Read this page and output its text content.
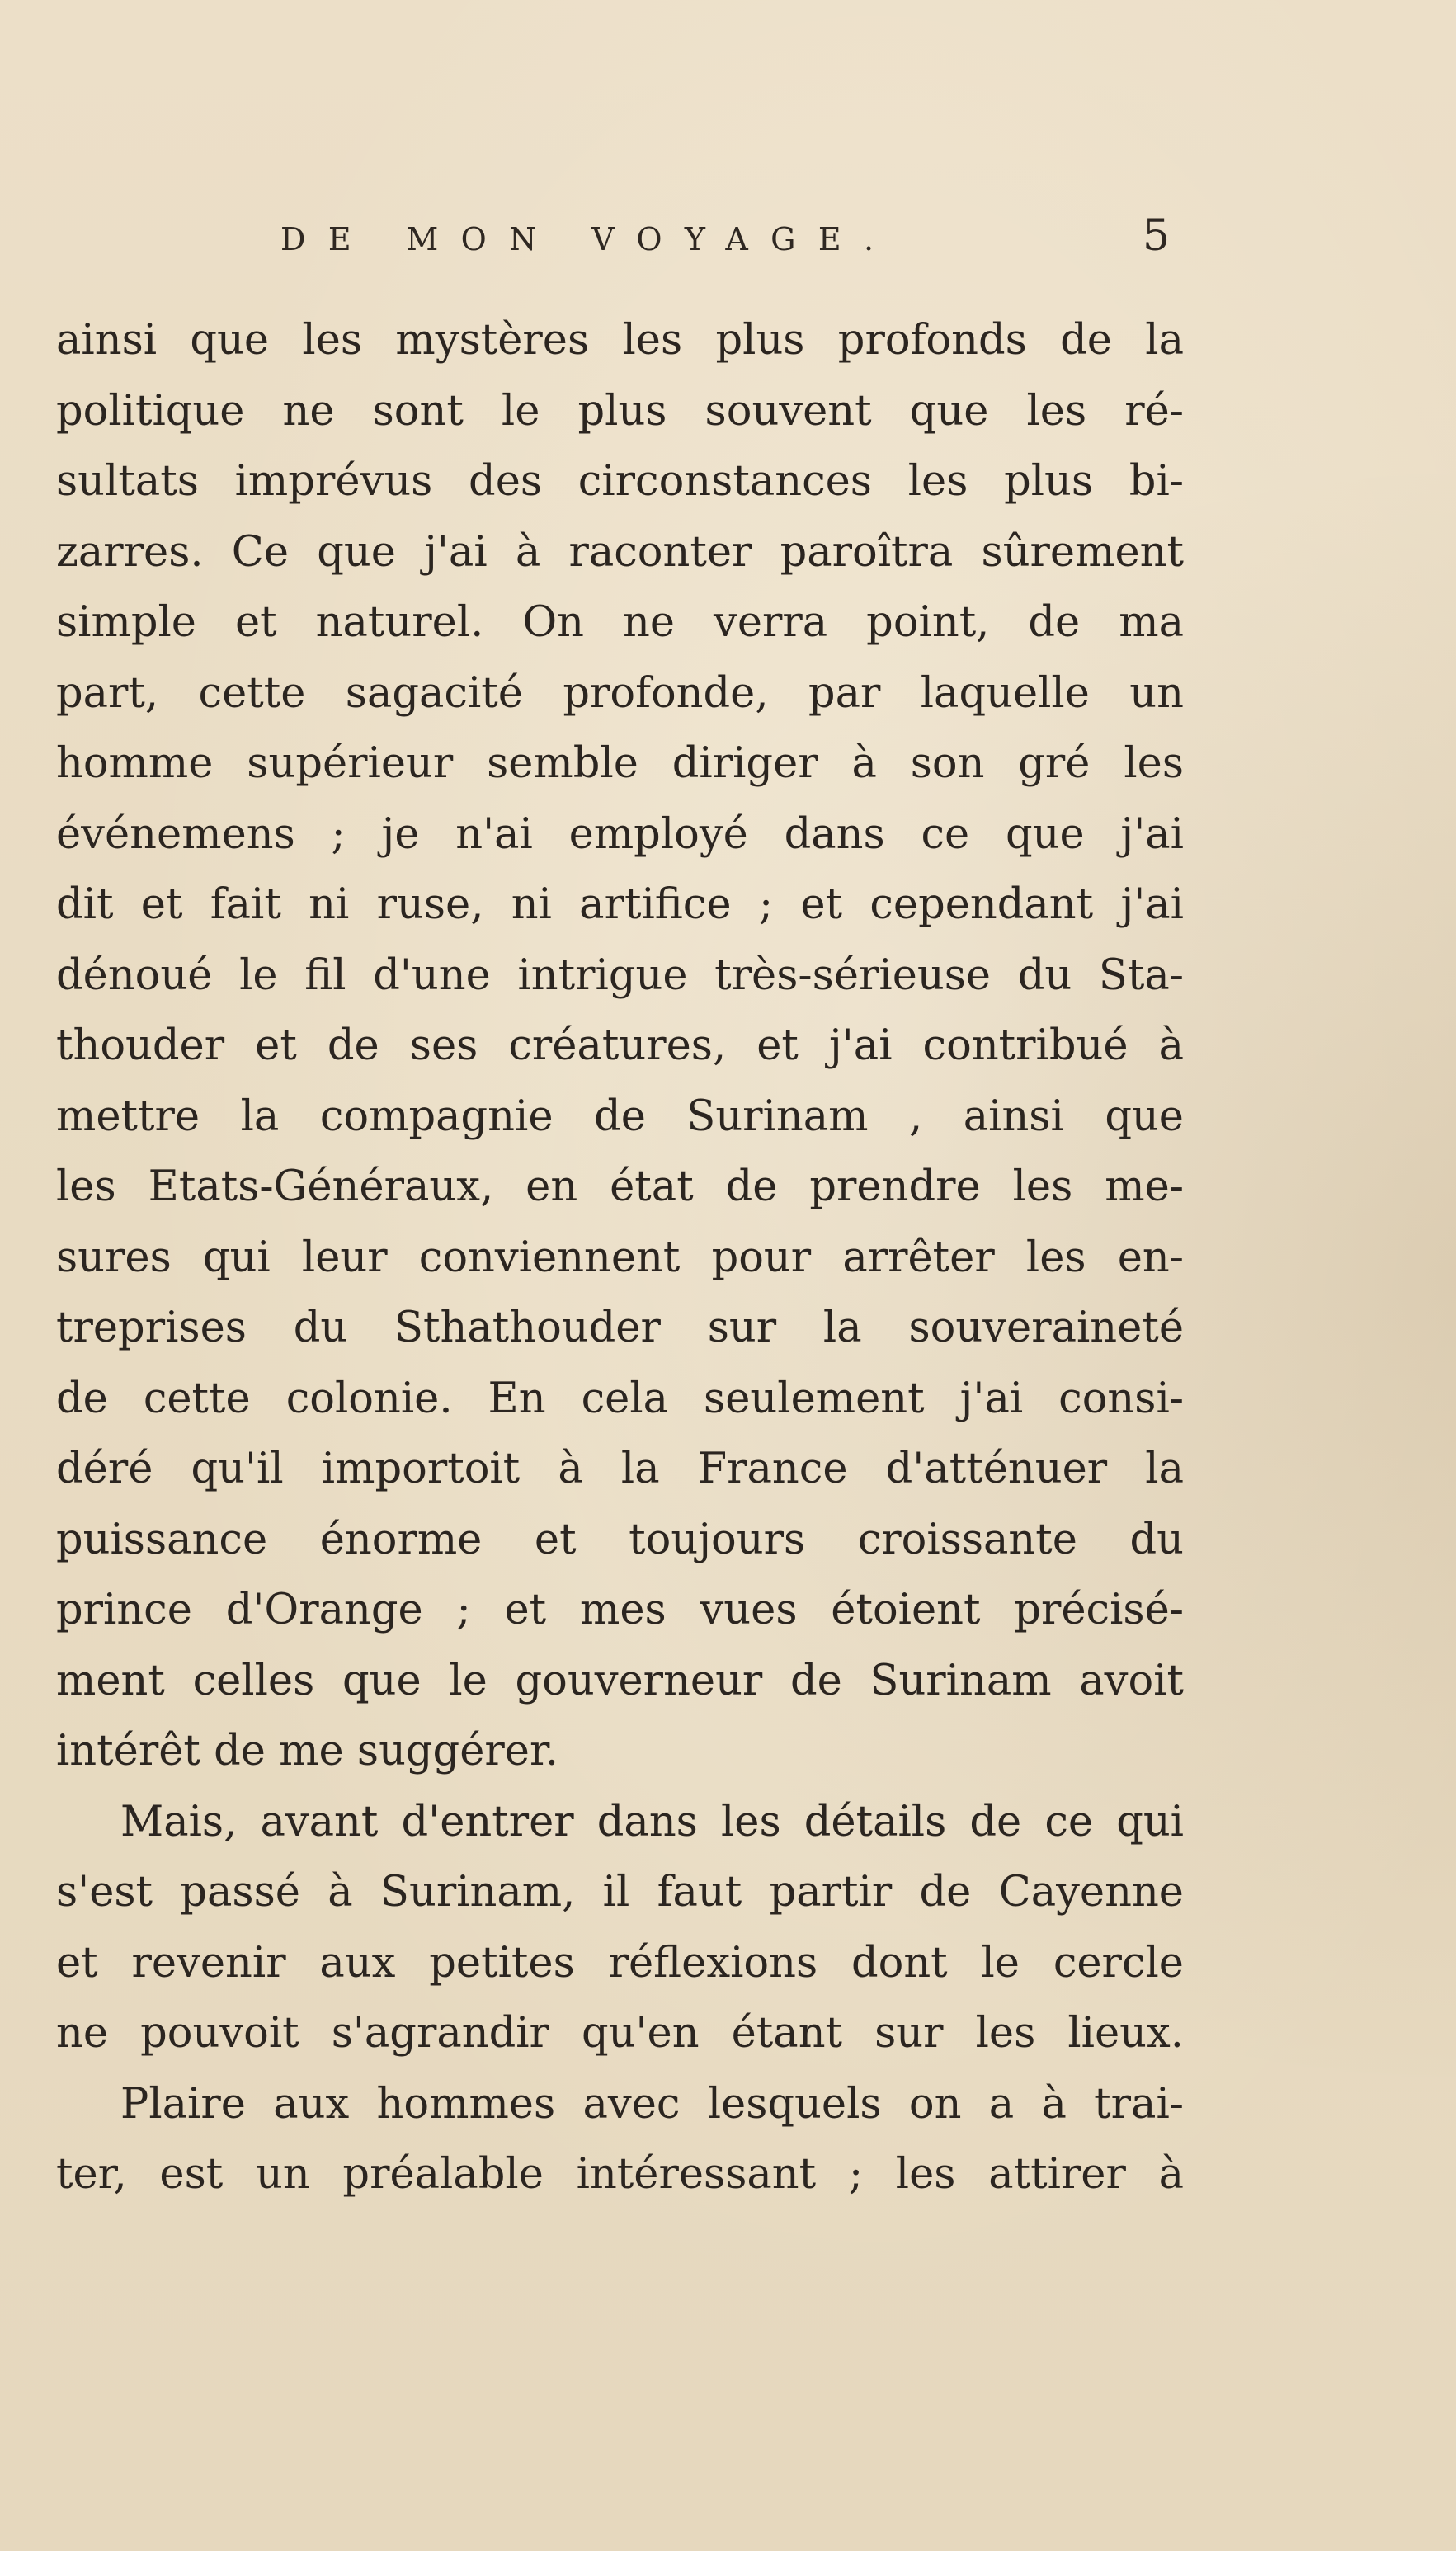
DE MON VOYAGE.	5
ainsi que les mystères les plus profonds de la
politique ne sont le plus souvent que les ré-
sultats imprévus des circonstances les plus bi-
zarres. Ce que j'ai à raconter paroîtra sûrement
simple et naturel. On ne verra point, de ma
part, cette sagacité profonde, par laquelle un
homme supérieur semble diriger à son gré les
événemens ; je n'ai employé dans ce que j'ai
dit et fait ni ruse, ni artifice ; et cependant j'ai
dénoué le fil d'une intrigue très-sérieuse du Sta-
thouder et de ses créatures, et j'ai contribué à
mettre la compagnie de Surinam , ainsi que
les Etats-Généraux, en état de prendre les me-
sures qui leur conviennent pour arrêter les en-
treprises du Sthathouder sur la souveraineté
de cette colonie. En cela seulement j'ai consi-
déré qu'il importoit à la France d'atténuer la
puissance énorme et toujours croissante du
prince d'Orange ; et mes vues étoient précisé-
ment celles que le gouverneur de Surinam avoit
intérêt de me suggérer.
Mais, avant d'entrer dans les détails de ce qui
s'est passé à Surinam, il faut partir de Cayenne
et revenir aux petites réflexions dont le cercle
ne pouvoit s'agrandir qu'en étant sur les lieux.
Plaire aux hommes avec lesquels on a à trai-
ter, est un préalable intéressant ; les attirer à
